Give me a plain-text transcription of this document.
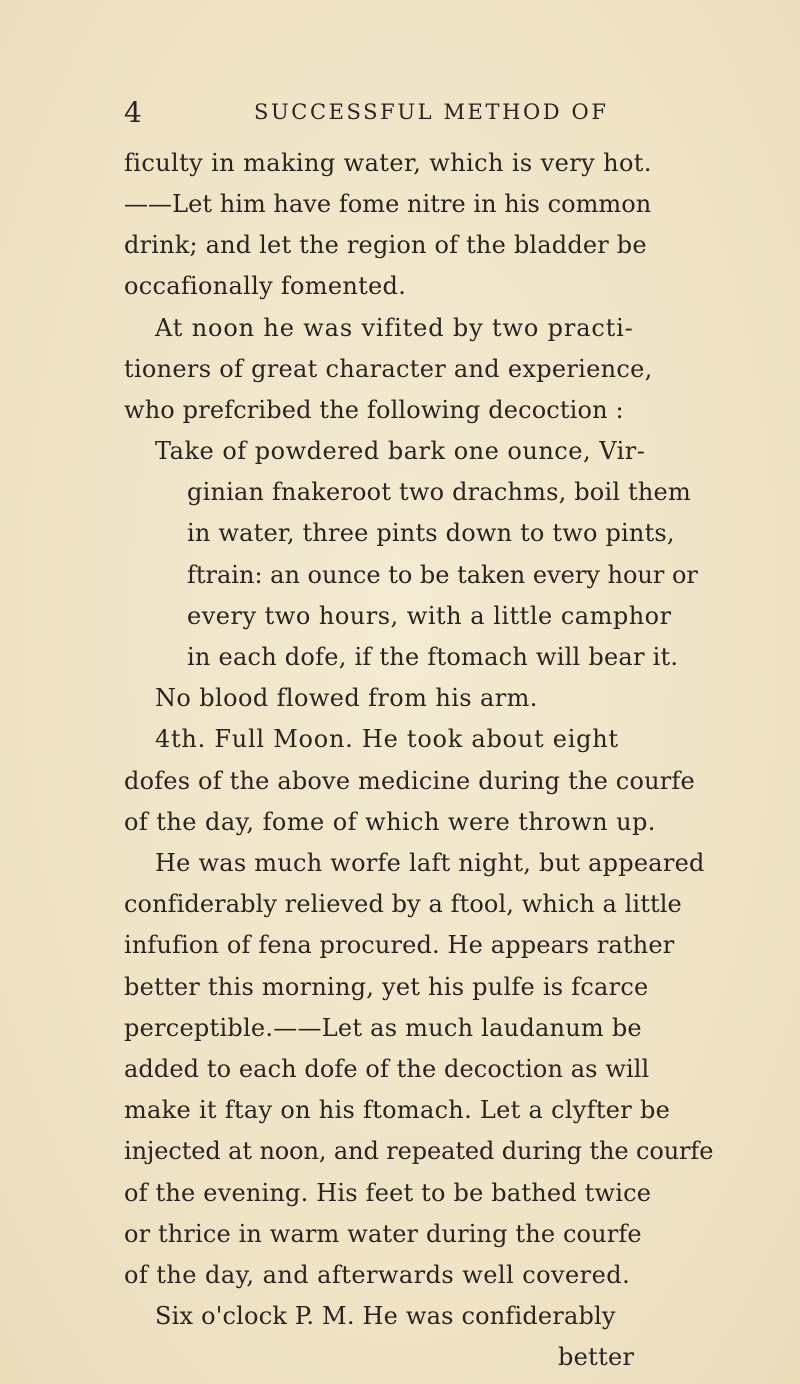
4	SUCCESSFUL METHOD OF
ficulty in making water, which is very hot.
——Let him have fome nitre in his common
drink; and let the region of the bladder be
occafionally fomented.
At noon he was vifited by two practi-
tioners of great character and experience,
who prefcribed the following decoction :
Take of powdered bark one ounce, Vir-
ginian fnakeroot two drachms, boil them
in water, three pints down to two pints,
ftrain: an ounce to be taken every hour or
every two hours, with a little camphor
in each dofe, if the ftomach will bear it.
No blood flowed from his arm.
4th. Full Moon. He took about eight
dofes of the above medicine during the courfe
of the day, fome of which were thrown up.
He was much worfe laft night, but appeared
confiderably relieved by a ftool, which a little
infufion of fena procured. He appears rather
better this morning, yet his pulfe is fcarce
perceptible.——Let as much laudanum be
added to each dofe of the decoction as will
make it ftay on his ftomach. Let a clyfter be
injected at noon, and repeated during the courfe
of the evening. His feet to be bathed twice
or thrice in warm water during the courfe
of the day, and afterwards well covered.
Six o'clock P. M. He was confiderably
better
